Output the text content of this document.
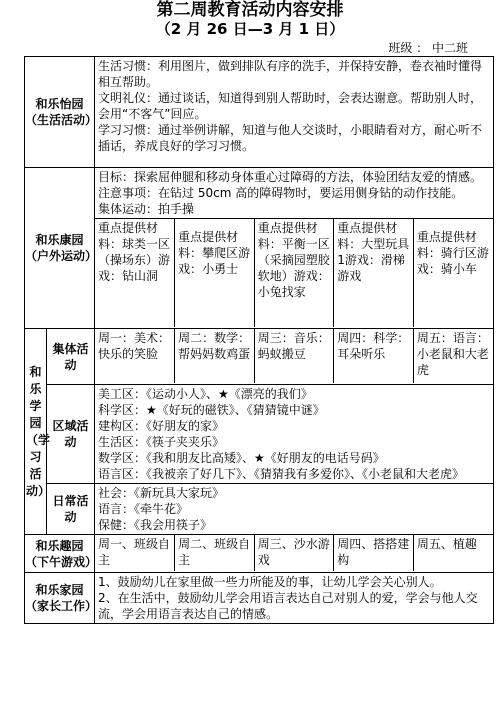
第二周教育活动内容安排
（2 月 26 日—3 月 1 日）
班级 ： 中二班
和乐怡园
（生活活动）

生活习惯：利用图片，做到排队有序的洗手，并保持安静，卷衣袖时懂得相互帮助。
文明礼仪：通过谈话，知道得到别人帮助时，会表达谢意。帮助别人时，会用“不客气”回应。
学习习惯：通过举例讲解，知道与他人交谈时，小眼睛看对方，耐心听不插话，养成良好的学习习惯。

和乐康园
（户外运动）

目标：探索屈伸腿和移动身体重心过障碍的方法，体验团结友爱的情感。
注意事项：在钻过 50cm 高的障碍物时，要运用侧身钻的动作技能。
集体运动：拍手操

重点提供材料：球类一区（操场东）游戏：钻山洞	重点提供材料：攀爬区游戏：小勇士	重点提供材料：平衡一区（采摘园塑胶软地）游戏：小兔找家	重点提供材料：大型玩具1游戏：滑梯游戏	重点提供材料：骑行区游戏：骑小车

和乐学园（学习活动）	集体活动	
周一：美术：快乐的笑脸	周二：数学：帮妈妈数鸡蛋	周三：音乐：蚂蚁搬豆	周四：科学：耳朵听乐	周五：语言：小老鼠和大老虎

区域活动	
美工区：《运动小人》、★《漂亮的我们》
科学区：★《好玩的磁铁》、《猜猜镜中谜》
建构区：《好朋友的家》
生活区：《筷子夹夹乐》
数学区：《我和朋友比高矮》、★《好朋友的电话号码》
语言区：《我被亲了好几下》、《猜猜我有多爱你》、《小老鼠和大老虎》

日常活动	
社会：《新玩具大家玩》
语言：《牵牛花》
保健：《我会用筷子》

和乐趣园
（下午游戏）

周一、班级自主	周二、班级自主	周三、沙水游戏	周四、搭搭建构	周五、植趣

和乐家园
（家长工作）

1、鼓励幼儿在家里做一些力所能及的事，让幼儿学会关心别人。
2、在生活中，鼓励幼儿学会用语言表达自己对别人的爱，学会与他人交流，学会用语言表达自己的情感。
